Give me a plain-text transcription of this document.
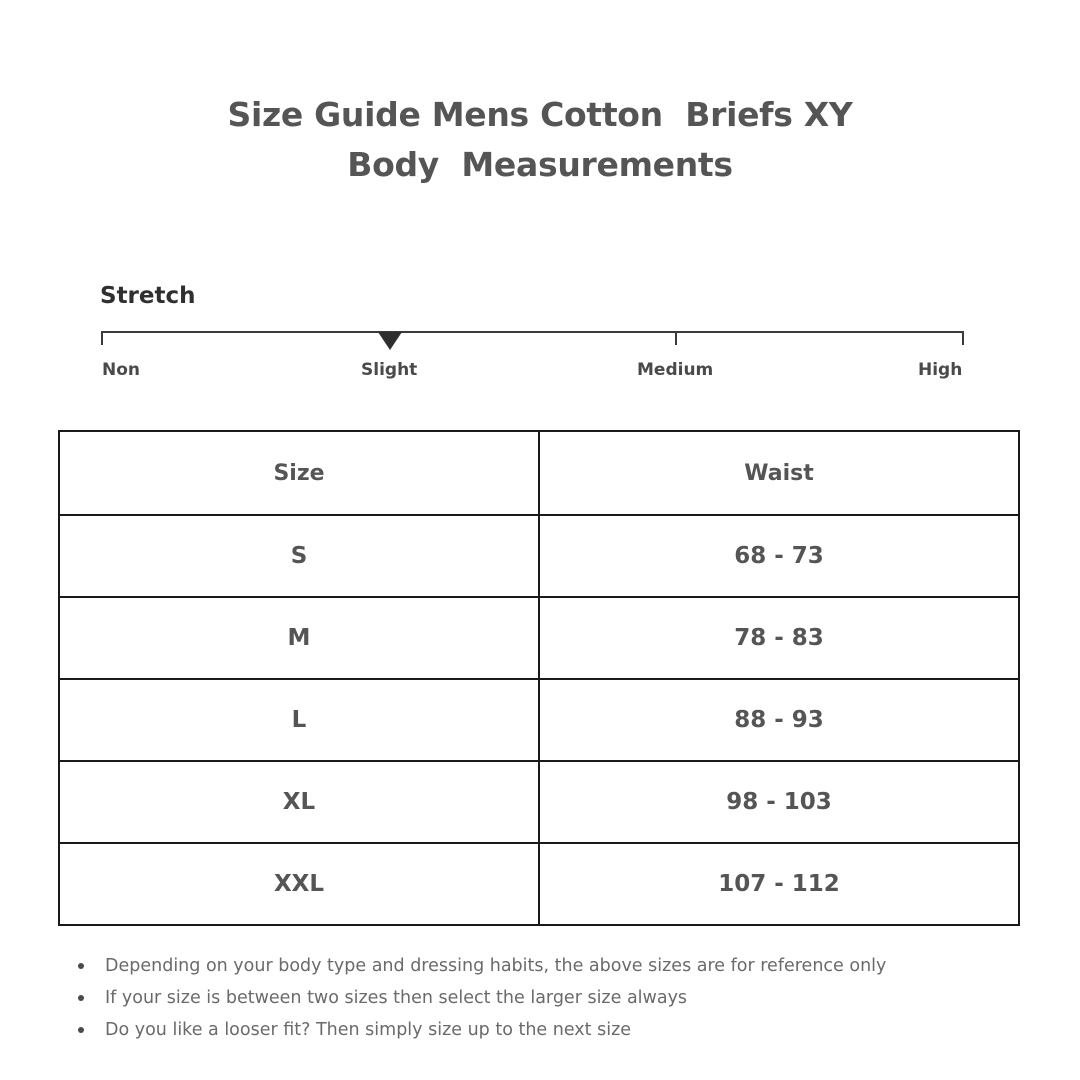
Size Guide Mens Cotton  Briefs XY
Body  Measurements
Stretch
Non	Slight	Medium	High
Size	Waist
S	68 - 73
M	78 - 83
L	88 - 93
XL	98 - 103
XXL	107 - 112
Depending on your body type and dressing habits, the above sizes are for reference only
If your size is between two sizes then select the larger size always
Do you like a looser fit? Then simply size up to the next size
